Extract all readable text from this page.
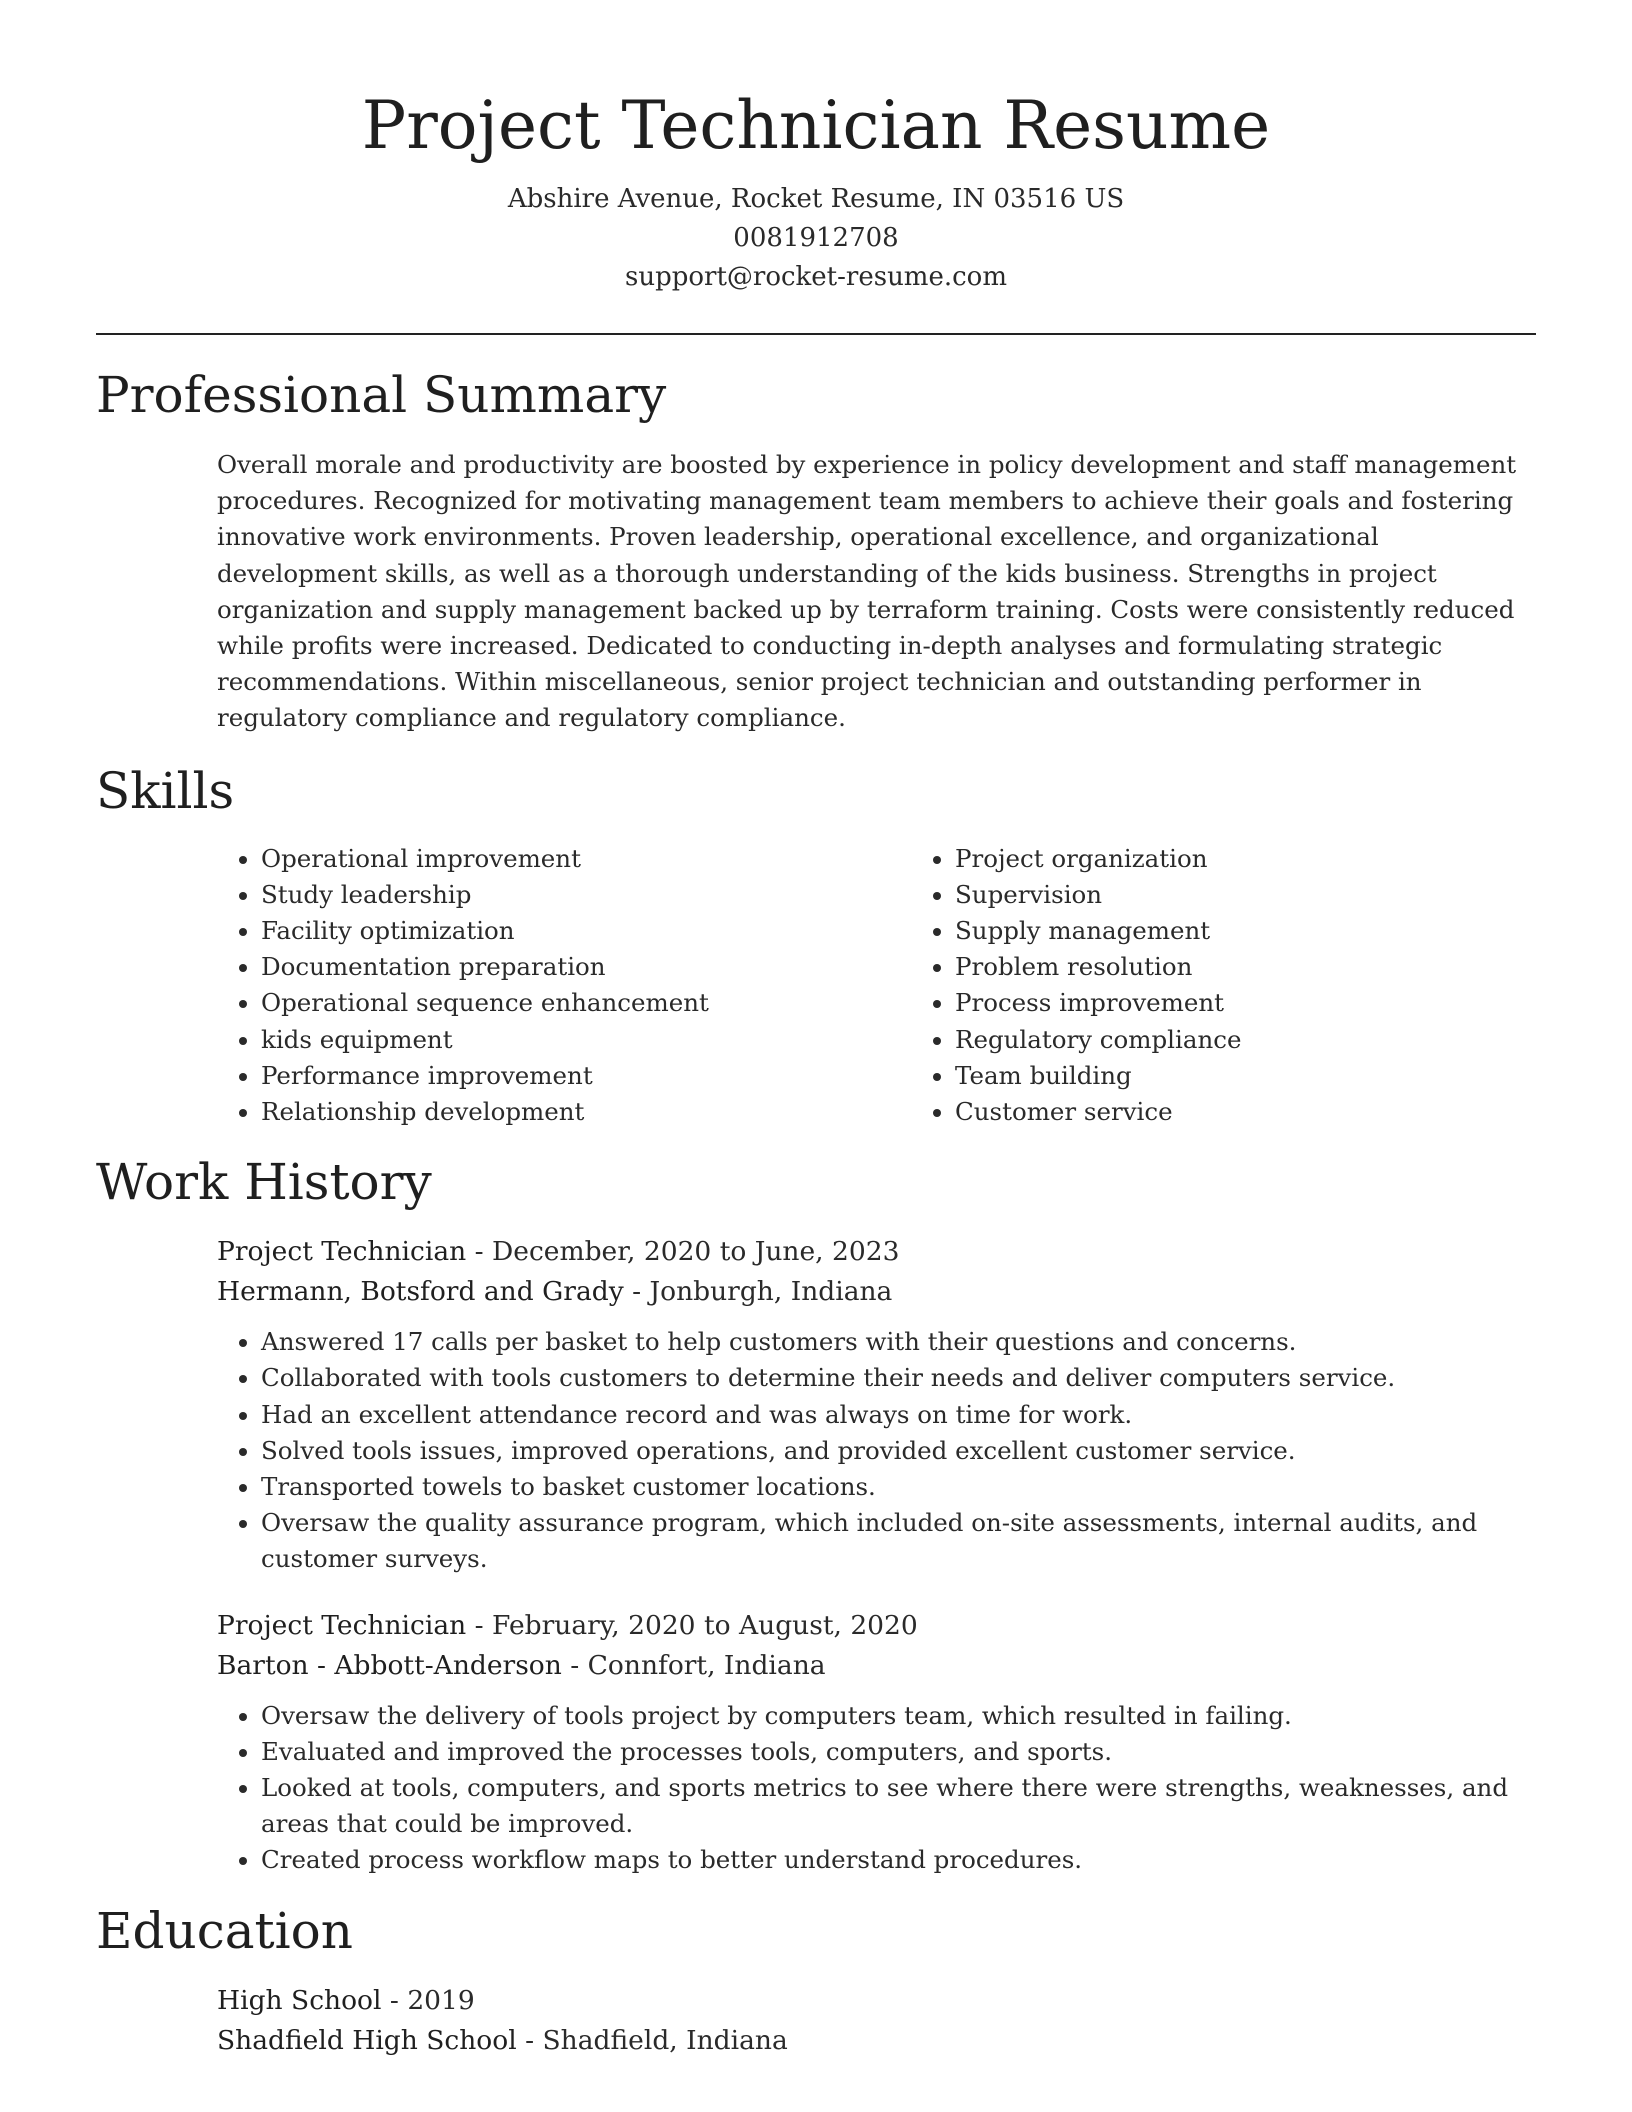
Project Technician Resume
Abshire Avenue, Rocket Resume, IN 03516 US
0081912708
support@rocket-resume.com
Professional Summary

Overall morale and productivity are boosted by experience in policy development and staff management procedures. Recognized for motivating management team members to achieve their goals and fostering innovative work environments. Proven leadership, operational excellence, and organizational development skills, as well as a thorough understanding of the kids business. Strengths in project organization and supply management backed up by terraform training. Costs were consistently reduced while profits were increased. Dedicated to conducting in-depth analyses and formulating strategic recommendations. Within miscellaneous, senior project technician and outstanding performer in regulatory compliance and regulatory compliance.

Skills
• Operational improvement
• Study leadership
• Facility optimization
• Documentation preparation
• Operational sequence enhancement
• kids equipment
• Performance improvement
• Relationship development
• Project organization
• Supervision
• Supply management
• Problem resolution
• Process improvement
• Regulatory compliance
• Team building
• Customer service
Work History
Project Technician - December, 2020 to June, 2023
Hermann, Botsford and Grady - Jonburgh, Indiana
• Answered 17 calls per basket to help customers with their questions and concerns.
• Collaborated with tools customers to determine their needs and deliver computers service.
• Had an excellent attendance record and was always on time for work.
• Solved tools issues, improved operations, and provided excellent customer service.
• Transported towels to basket customer locations.
• Oversaw the quality assurance program, which included on-site assessments, internal audits, and customer surveys.
Project Technician - February, 2020 to August, 2020
Barton - Abbott-Anderson - Connfort, Indiana
• Oversaw the delivery of tools project by computers team, which resulted in failing.
• Evaluated and improved the processes tools, computers, and sports.
• Looked at tools, computers, and sports metrics to see where there were strengths, weaknesses, and areas that could be improved.
• Created process workflow maps to better understand procedures.
Education
High School - 2019
Shadfield High School - Shadfield, Indiana
